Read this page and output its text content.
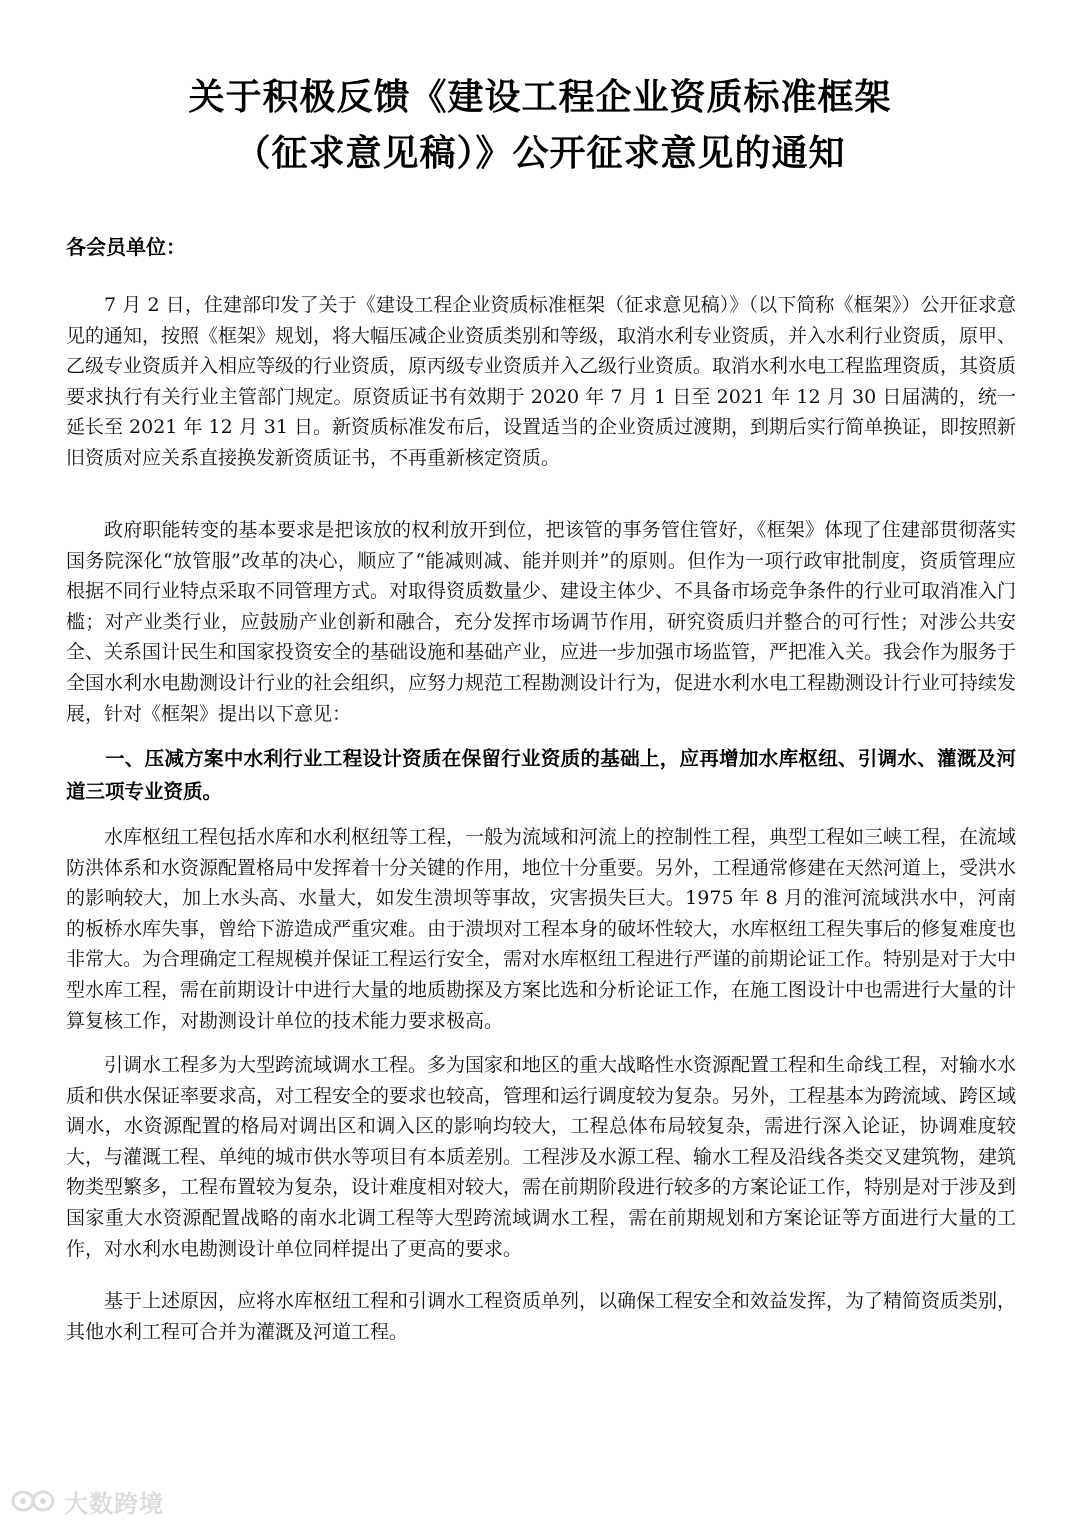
关于积极反馈《建设工程企业资质标准框架
（征求意见稿）》公开征求意见的通知
各会员单位：

7 月 2 日，住建部印发了关于《建设工程企业资质标准框架（征求意见稿）》（以下简称《框架》）公开征求意见的通知，按照《框架》规划，将大幅压减企业资质类别和等级，取消水利专业资质，并入水利行业资质，原甲、乙级专业资质并入相应等级的行业资质，原丙级专业资质并入乙级行业资质。取消水利水电工程监理资质，其资质要求执行有关行业主管部门规定。原资质证书有效期于 2020 年 7 月 1 日至 2021 年 12 月 30 日届满的，统一延长至 2021 年 12 月 31 日。新资质标准发布后，设置适当的企业资质过渡期，到期后实行简单换证，即按照新旧资质对应关系直接换发新资质证书，不再重新核定资质。

政府职能转变的基本要求是把该放的权利放开到位，把该管的事务管住管好，《框架》体现了住建部贯彻落实国务院深化“放管服”改革的决心，顺应了“能减则减、能并则并”的原则。但作为一项行政审批制度，资质管理应根据不同行业特点采取不同管理方式。对取得资质数量少、建设主体少、不具备市场竞争条件的行业可取消准入门槛；对产业类行业，应鼓励产业创新和融合，充分发挥市场调节作用，研究资质归并整合的可行性；对涉公共安全、关系国计民生和国家投资安全的基础设施和基础产业，应进一步加强市场监管，严把准入关。我会作为服务于全国水利水电勘测设计行业的社会组织，应努力规范工程勘测设计行为，促进水利水电工程勘测设计行业可持续发展，针对《框架》提出以下意见：

一、压减方案中水利行业工程设计资质在保留行业资质的基础上，应再增加水库枢纽、引调水、灌溉及河道三项专业资质。

水库枢纽工程包括水库和水利枢纽等工程，一般为流域和河流上的控制性工程，典型工程如三峡工程，在流域防洪体系和水资源配置格局中发挥着十分关键的作用，地位十分重要。另外，工程通常修建在天然河道上，受洪水的影响较大，加上水头高、水量大，如发生溃坝等事故，灾害损失巨大。1975 年 8 月的淮河流域洪水中，河南的板桥水库失事，曾给下游造成严重灾难。由于溃坝对工程本身的破坏性较大，水库枢纽工程失事后的修复难度也非常大。为合理确定工程规模并保证工程运行安全，需对水库枢纽工程进行严谨的前期论证工作。特别是对于大中型水库工程，需在前期设计中进行大量的地质勘探及方案比选和分析论证工作，在施工图设计中也需进行大量的计算复核工作，对勘测设计单位的技术能力要求极高。

引调水工程多为大型跨流域调水工程。多为国家和地区的重大战略性水资源配置工程和生命线工程，对输水水质和供水保证率要求高，对工程安全的要求也较高，管理和运行调度较为复杂。另外，工程基本为跨流域、跨区域调水，水资源配置的格局对调出区和调入区的影响均较大，工程总体布局较复杂，需进行深入论证，协调难度较大，与灌溉工程、单纯的城市供水等项目有本质差别。工程涉及水源工程、输水工程及沿线各类交叉建筑物，建筑物类型繁多，工程布置较为复杂，设计难度相对较大，需在前期阶段进行较多的方案论证工作，特别是对于涉及到国家重大水资源配置战略的南水北调工程等大型跨流域调水工程，需在前期规划和方案论证等方面进行大量的工作，对水利水电勘测设计单位同样提出了更高的要求。

基于上述原因，应将水库枢纽工程和引调水工程资质单列，以确保工程安全和效益发挥，为了精简资质类别，其他水利工程可合并为灌溉及河道工程。

大数跨境
